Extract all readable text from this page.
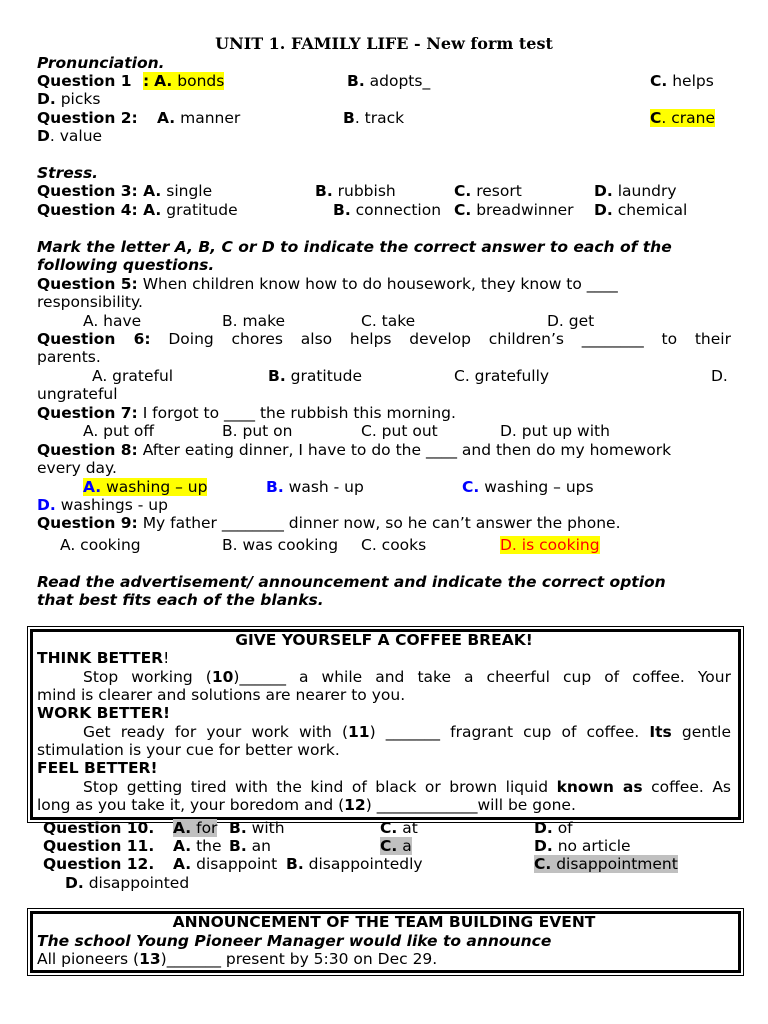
UNIT 1. FAMILY LIFE - New form test
Pronunciation.
Question 1 : A. bonds	B. adopts_	C. helps
D. picks
Question 2: A. manner	B. track	C. crane
D. value
Stress.
Question 3: A. single	B. rubbish	C. resort	D. laundry
Question 4: A. gratitude	B. connection C. breadwinner D. chemical
Mark the letter A, B, C or D to indicate the correct answer to each of the
following questions.
Question 5: When children know how to do housework, they know to ____
responsibility.
A. have	B. make	C. take	D. get
Question 6: Doing chores also helps develop children’s ________ to their
parents.
A. grateful	B. gratitude	C. gratefully	D.
ungrateful
Question 7: I forgot to ____ the rubbish this morning.
A. put off	B. put on	C. put out	D. put up with
Question 8: After eating dinner, I have to do the ____ and then do my homework
every day.
A. washing – up	B. wash - up	C. washing – ups
D. washings - up
Question 9: My father ________ dinner now, so he can’t answer the phone.
A. cooking	B. was cooking C. cooks	D. is cooking
Read the advertisement/ announcement and indicate the correct option
that best fits each of the blanks.
GIVE YOURSELF A COFFEE BREAK!
THINK BETTER!
Stop working (10)______ a while and take a cheerful cup of coffee. Your
mind is clearer and solutions are nearer to you.
WORK BETTER!
Get ready for your work with (11) _______ fragrant cup of coffee. Its gentle
stimulation is your cue for better work.
FEEL BETTER!
Stop getting tired with the kind of black or brown liquid known as coffee. As
long as you take it, your boredom and (12) _____________will be gone.
Question 10. A. for B. with	C. at	D. of
Question 11. A. the B. an	C. a	D. no article
Question 12. A. disappoint B. disappointedly	C. disappointment
D. disappointed
ANNOUNCEMENT OF THE TEAM BUILDING EVENT
The school Young Pioneer Manager would like to announce
All pioneers (13)_______ present by 5:30 on Dec 29.
